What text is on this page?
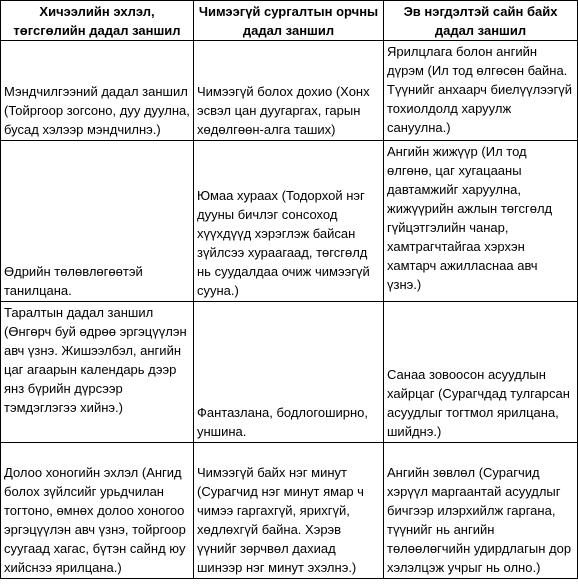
Хичээлийн эхлэл, төгсгөлийн дадал заншил	Чимээгүй сургалтын орчны дадал заншил	Эв нэгдэлтэй сайн байх дадал заншил
Мэндчилгээний дадал заншил (Тойргоор зогсоно, дуу дуулна, бусад хэлээр мэндчилнэ.)	Чимээгүй болох дохио (Хонх эсвэл цан дуугаргах, гарын хөдөлгөөн-алга таших)	Ярилцлага болон ангийн дүрэм (Ил тод өлгөсөн байна. Түүнийг анхаарч биелүүлээгүй тохиолдолд харуулж сануулна.)
Өдрийн төлөвлөгөөтэй танилцана.	Юмаа хураах (Тодорхой нэг дууны бичлэг сонсоход хүүхдүүд хэрэглэж байсан зүйлсээ хураагаад, төгсгөлд нь суудалдаа очиж чимээгүй сууна.)	Ангийн жижүүр (Ил тод өлгөнө, цаг хугацааны давтамжийг харуулна, жижүүрийн ажлын төгсгөлд гүйцэтгэлийн чанар, хамтрагчтайгаа хэрхэн хамтарч ажилласнаа авч үзнэ.)
Таралтын дадал заншил (Өнгөрч буй өдрөө эргэцүүлэн авч үзнэ. Жишээлбэл, ангийн цаг агаарын календарь дээр янз бүрийн дүрсээр тэмдэглэгээ хийнэ.)	Фантазлана, бодлогоширно, уншина.	Санаа зовоосон асуудлын хайрцаг (Сурагчдад тулгарсан асуудлыг тогтмол ярилцана, шийднэ.)
Долоо хоногийн эхлэл (Ангид болох зүйлсийг урьдчилан тогтоно, өмнөх долоо хоногоо эргэцүүлэн авч үзнэ, тойргоор суугаад хагас, бүтэн сайнд юу хийснээ ярилцана.)	Чимээгүй байх нэг минут (Сурагчид нэг минут ямар ч чимээ гаргахгүй, ярихгүй, хөдлөхгүй байна. Хэрэв үүнийг зөрчвөл дахиад шинээр нэг минут эхэлнэ.)	Ангийн зөвлөл (Сурагчид хэрүүл маргаантай асуудлыг бичгээр илэрхийлж гаргана, түүнийг нь ангийн төлөөлөгчийн удирдлагын дор хэлэлцэж учрыг нь олно.)
